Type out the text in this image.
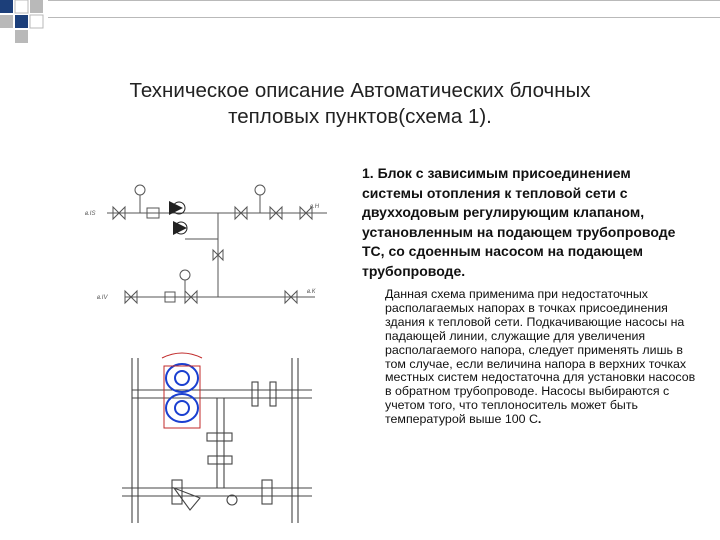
Техническое описание Автоматических блочных
тепловых пунктов(схема 1).
1. Блок с зависимым присоединением системы отопления к тепловой сети с двухходовым регулирующим клапаном, установленным на подающем трубопроводе ТС, со сдоенным насосом на подающем трубопроводе.
Данная схема применима при недостаточных располагаемых напорах в точках присоединения здания к тепловой сети. Подкачивающие насосы на падающей линии, служащие для увеличения располагаемого напора, следует применять лишь в том случае, если величина напора в верхних точках местных систем недостаточна для установки насосов в обратном трубопроводе. Насосы выбираются с учетом того, что теплоноситель может быть температурой выше 100 С.
в.IS
в.Н
в.IV
в.К
